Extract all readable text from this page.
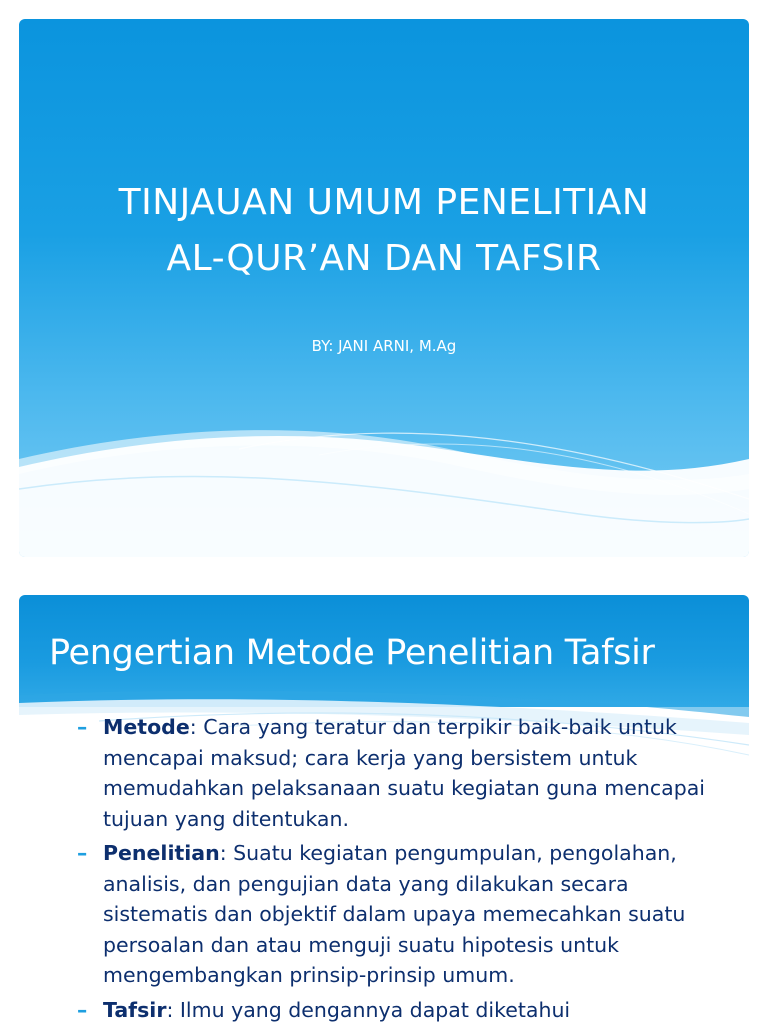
TINJAUAN UMUM PENELITIAN
AL-QUR’AN DAN TAFSIR
BY: JANI ARNI, M.Ag
Pengertian Metode Penelitian Tafsir
– Metode: Cara yang teratur dan terpikir baik-baik untuk mencapai maksud; cara kerja yang bersistem untuk memudahkan pelaksanaan suatu kegiatan guna mencapai tujuan yang ditentukan.
– Penelitian: Suatu kegiatan pengumpulan, pengolahan, analisis, dan pengujian data yang dilakukan secara sistematis dan objektif dalam upaya memecahkan suatu persoalan dan atau menguji suatu hipotesis untuk mengembangkan prinsip-prinsip umum.
– Tafsir: Ilmu yang dengannya dapat diketahui
